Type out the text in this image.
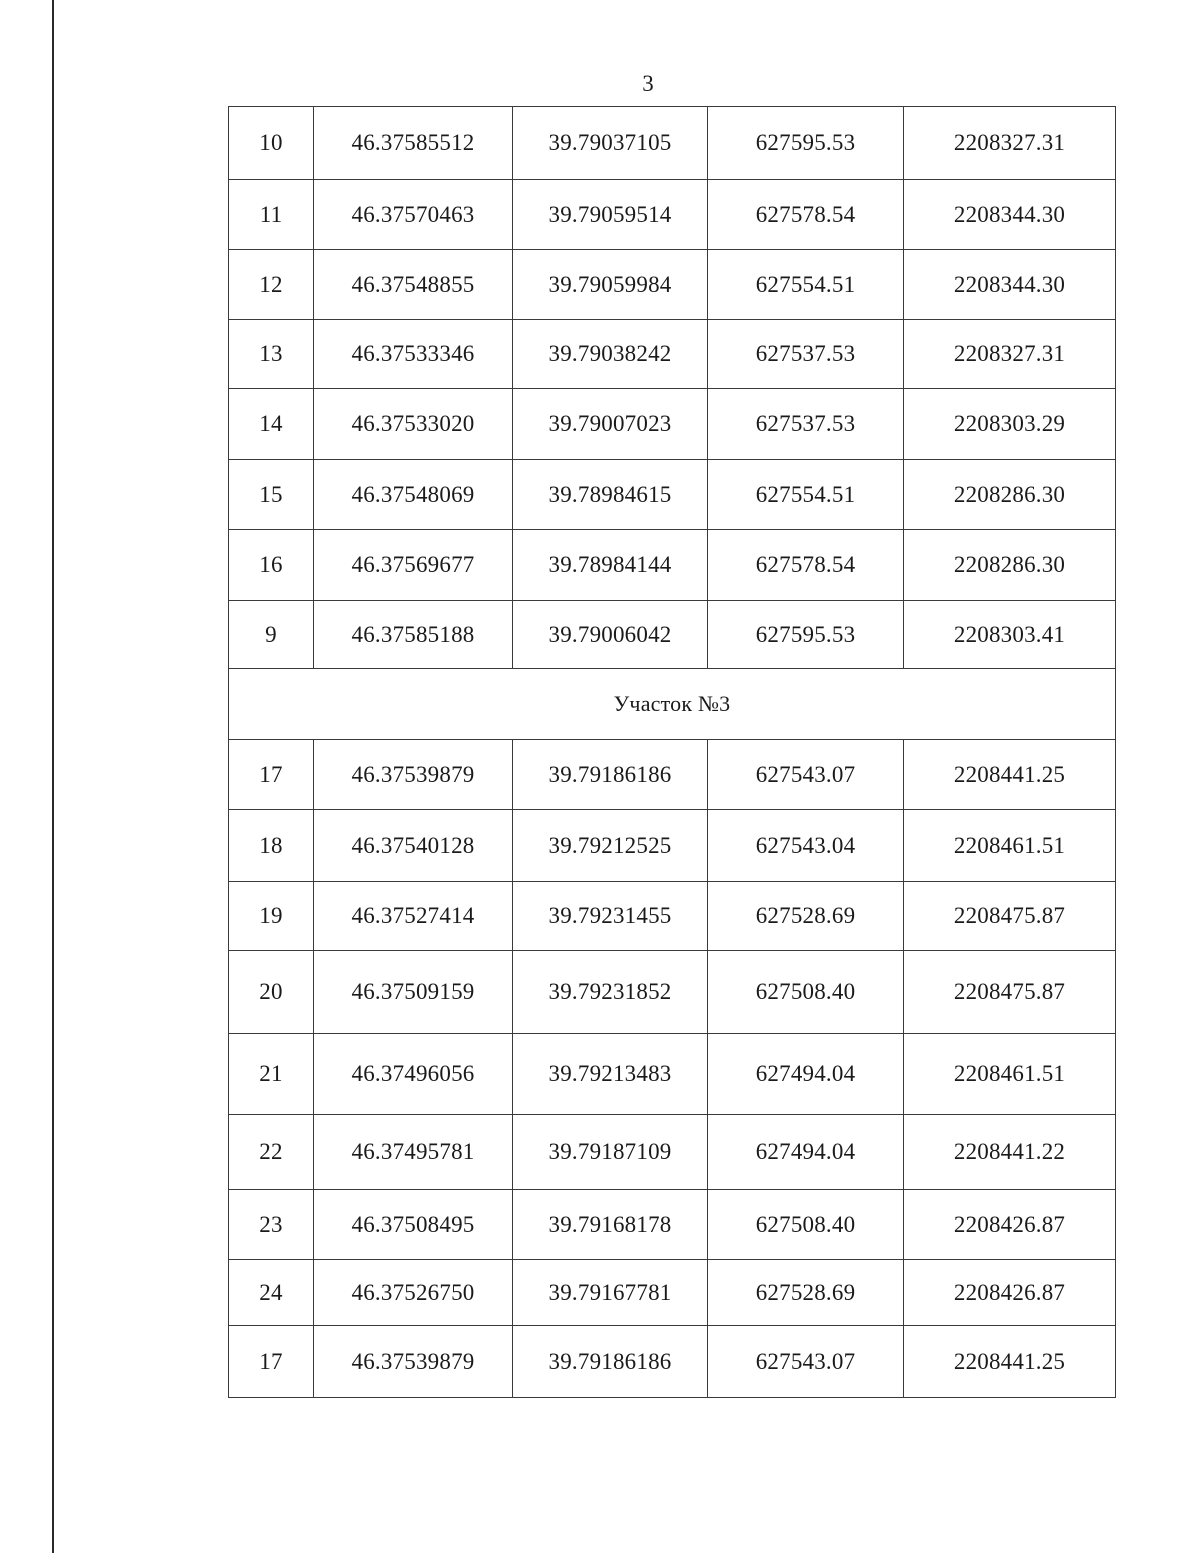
3
10	46.37585512	39.79037105	627595.53	2208327.31
11	46.37570463	39.79059514	627578.54	2208344.30
12	46.37548855	39.79059984	627554.51	2208344.30
13	46.37533346	39.79038242	627537.53	2208327.31
14	46.37533020	39.79007023	627537.53	2208303.29
15	46.37548069	39.78984615	627554.51	2208286.30
16	46.37569677	39.78984144	627578.54	2208286.30
9	46.37585188	39.79006042	627595.53	2208303.41
Участок №3				
17	46.37539879	39.79186186	627543.07	2208441.25
18	46.37540128	39.79212525	627543.04	2208461.51
19	46.37527414	39.79231455	627528.69	2208475.87
20	46.37509159	39.79231852	627508.40	2208475.87
21	46.37496056	39.79213483	627494.04	2208461.51
22	46.37495781	39.79187109	627494.04	2208441.22
23	46.37508495	39.79168178	627508.40	2208426.87
24	46.37526750	39.79167781	627528.69	2208426.87
17	46.37539879	39.79186186	627543.07	2208441.25
